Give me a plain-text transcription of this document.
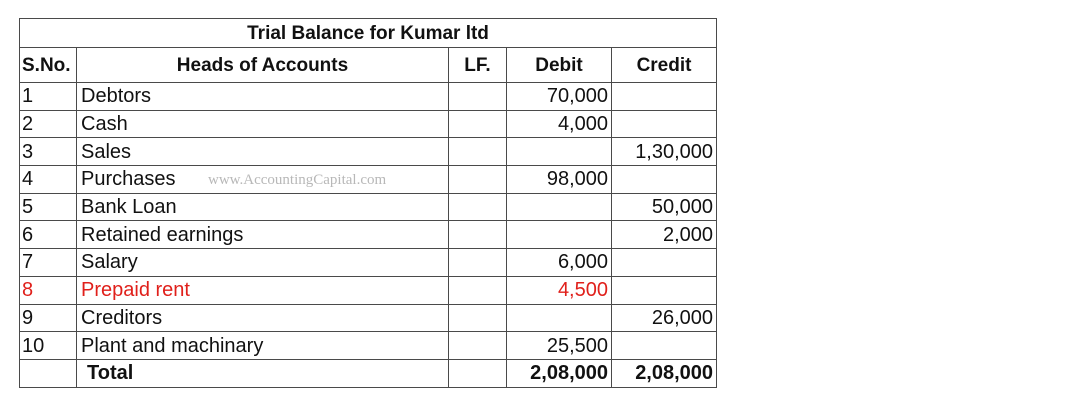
Trial Balance for Kumar ltd				
S.No.	Heads of Accounts	LF.	Debit	Credit
1	Debtors		70,000	
2	Cash		4,000	
3	Sales			1,30,000
4	Purchases		98,000	
5	Bank Loan			50,000
6	Retained earnings			2,000
7	Salary		6,000	
8	Prepaid rent		4,500	
9	Creditors			26,000
10	Plant and machinary		25,500	
	Total		2,08,000	2,08,000
www.AccountingCapital.com
